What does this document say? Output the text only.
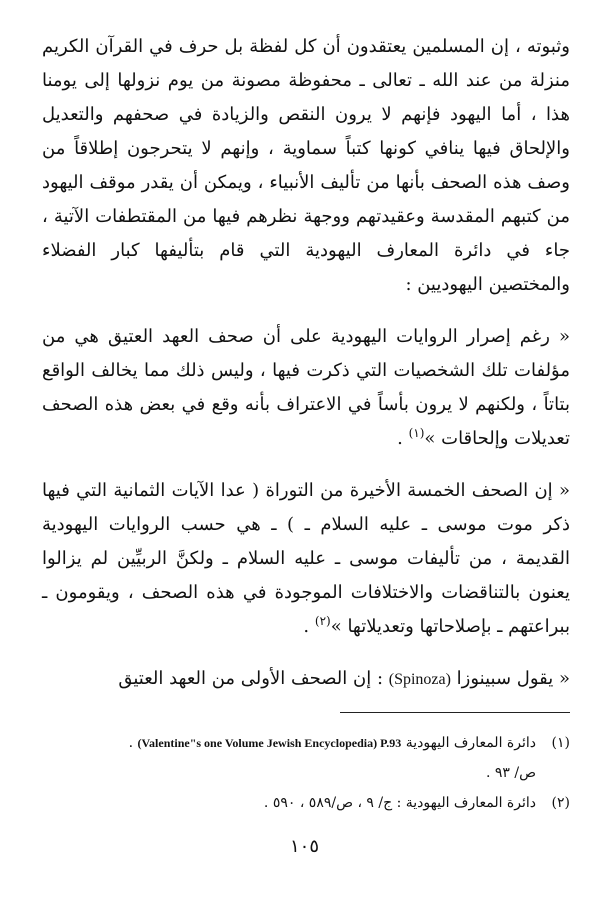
وثبوته ، إن المسلمين يعتقدون أن كل لفظة بل حرف في القرآن الكريم منزلة من عند الله ـ تعالى ـ محفوظة مصونة من يوم نزولها إلى يومنا هذا ، أما اليهود فإنهم لا يرون النقص والزيادة في صحفهم والتعديل والإلحاق فيها ينافي كونها كتباً سماوية ، وإنهم لا يتحرجون إطلاقاً من وصف هذه الصحف بأنها من تأليف الأنبياء ، ويمكن أن يقدر موقف اليهود من كتبهم المقدسة وعقيدتهم ووجهة نظرهم فيها من المقتطفات الآتية ، جاء في دائرة المعارف اليهودية التي قام بتأليفها كبار الفضلاء والمختصين اليهوديين :

« رغم إصرار الروايات اليهودية على أن صحف العهد العتيق هي من مؤلفات تلك الشخصيات التي ذكرت فيها ، وليس ذلك مما يخالف الواقع بتاتاً ، ولكنهم لا يرون بأساً في الاعتراف بأنه وقع في بعض هذه الصحف تعديلات وإلحاقات »$^{(١)}$ .

« إن الصحف الخمسة الأخيرة من التوراة ( عدا الآيات الثمانية التي فيها ذكر موت موسى ـ عليه السلام ـ ) ـ هي حسب الروايات اليهودية القديمة ، من تأليفات موسى ـ عليه السلام ـ ولكنَّ الربيِّين لم يزالوا يعنون بالتناقضات والاختلافات الموجودة في هذه الصحف ، ويقومون ـ ببراعتهم ـ بإصلاحاتها وتعديلاتها »$^{(٢)}$ .

« يقول سبينوزا (Spinoza) : إن الصحف الأولى من العهد العتيق

(١)دائرة المعارف اليهودية (Valentine"s one Volume Jewish Encyclopedia) P.93 .

ص/ ٩٣ .

(٢)دائرة المعارف اليهودية : ج/ ٩ ، ص/٥٨٩ ، ٥٩٠ .

١٠٥
